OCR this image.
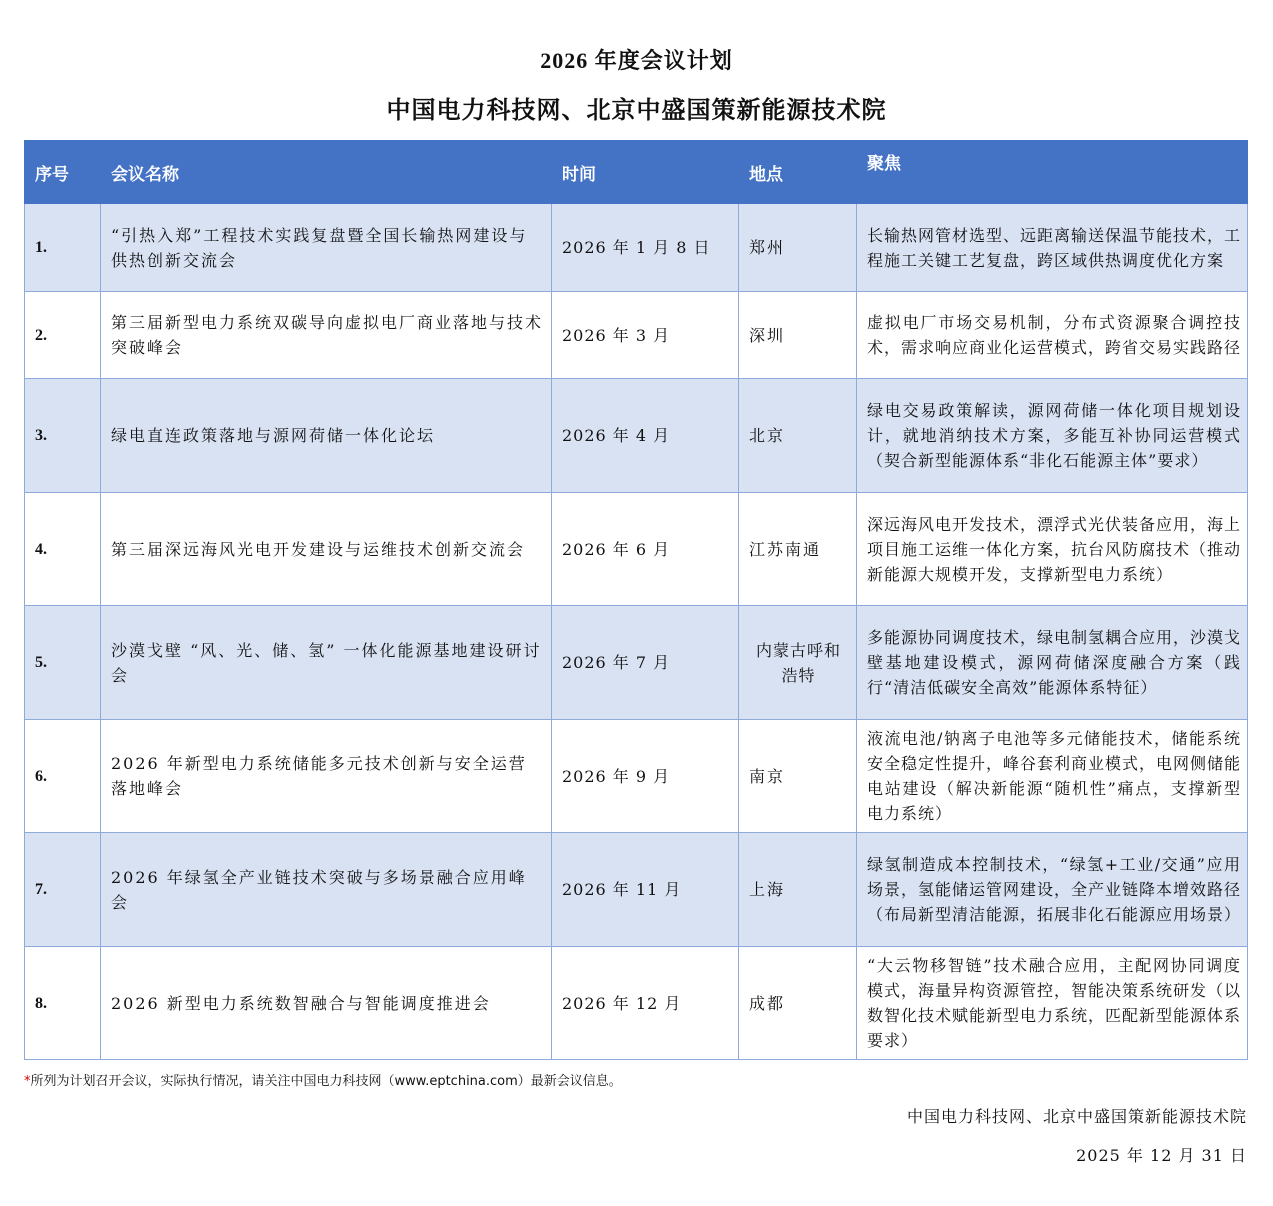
2026 年度会议计划
中国电力科技网、北京中盛国策新能源技术院
序号	会议名称	时间	地点	聚焦
1.	“引热入郑”工程技术实践复盘暨全国长输热网建设与供热创新交流会	2026 年 1 月 8 日	郑州	长输热网管材选型、远距离输送保温节能技术，工程施工关键工艺复盘，跨区域供热调度优化方案
2.	第三届新型电力系统双碳导向虚拟电厂商业落地与技术突破峰会	2026 年 3 月	深圳	虚拟电厂市场交易机制，分布式资源聚合调控技术，需求响应商业化运营模式，跨省交易实践路径
3.	绿电直连政策落地与源网荷储一体化论坛	2026 年 4 月	北京	绿电交易政策解读，源网荷储一体化项目规划设计，就地消纳技术方案，多能互补协同运营模式（契合新型能源体系“非化石能源主体”要求）
4.	第三届深远海风光电开发建设与运维技术创新交流会	2026 年 6 月	江苏南通	深远海风电开发技术，漂浮式光伏装备应用，海上项目施工运维一体化方案，抗台风防腐技术（推动新能源大规模开发，支撑新型电力系统）
5.	沙漠戈壁 “风、光、储、氢” 一体化能源基地建设研讨会	2026 年 7 月	内蒙古呼和浩特	多能源协同调度技术，绿电制氢耦合应用，沙漠戈壁基地建设模式，源网荷储深度融合方案（践行“清洁低碳安全高效”能源体系特征）
6.	2026 年新型电力系统储能多元技术创新与安全运营落地峰会	2026 年 9 月	南京	液流电池/钠离子电池等多元储能技术，储能系统安全稳定性提升，峰谷套利商业模式，电网侧储能电站建设（解决新能源“随机性”痛点，支撑新型电力系统）
7.	2026 年绿氢全产业链技术突破与多场景融合应用峰会	2026 年 11 月	上海	绿氢制造成本控制技术，“绿氢+工业/交通”应用场景，氢能储运管网建设，全产业链降本增效路径（布局新型清洁能源，拓展非化石能源应用场景）
8.	2026 新型电力系统数智融合与智能调度推进会	2026 年 12 月	成都	“大云物移智链”技术融合应用，主配网协同调度模式，海量异构资源管控，智能决策系统研发（以数智化技术赋能新型电力系统，匹配新型能源体系要求）
*所列为计划召开会议，实际执行情况，请关注中国电力科技网（www.eptchina.com）最新会议信息。
中国电力科技网、北京中盛国策新能源技术院
2025 年 12 月 31 日
